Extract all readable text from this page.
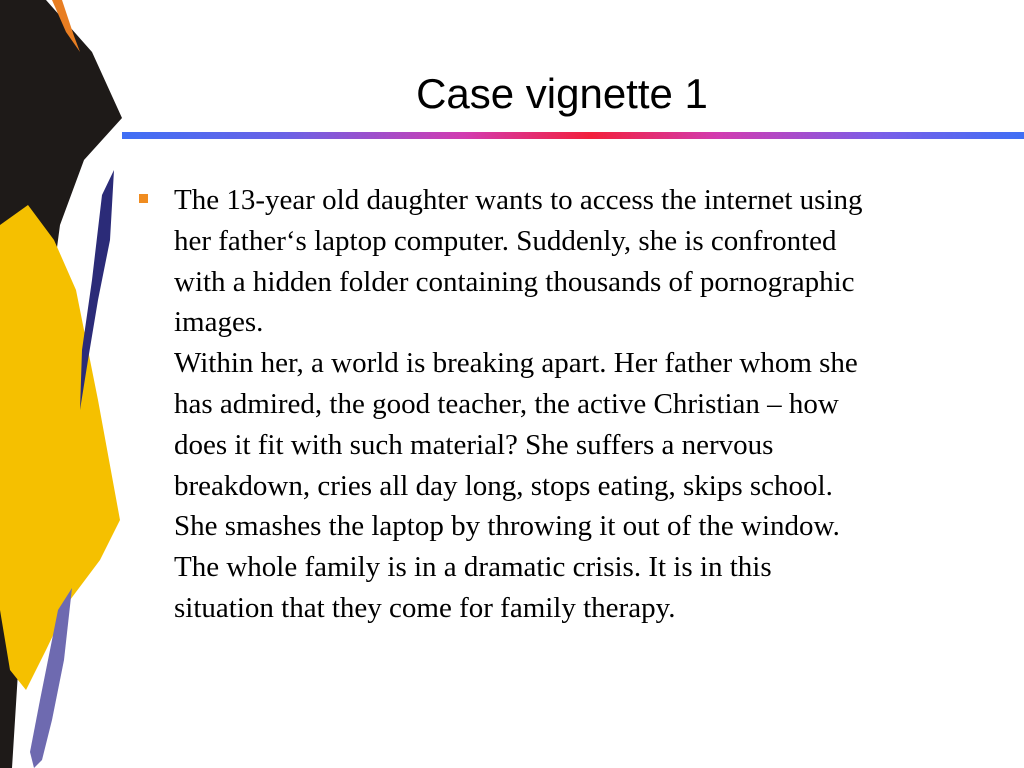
Case vignette 1

The 13-year old daughter wants to access the internet using
her father‘s laptop computer. Suddenly, she is confronted
with a hidden folder containing thousands of pornographic
images.
Within her, a world is breaking apart. Her father whom she
has admired, the good teacher, the active Christian – how
does it fit with such material? She suffers a nervous
breakdown, cries all day long, stops eating, skips school.
She smashes the laptop by throwing it out of the window.
The whole family is in a dramatic crisis. It is in this
situation that they come for family therapy.
